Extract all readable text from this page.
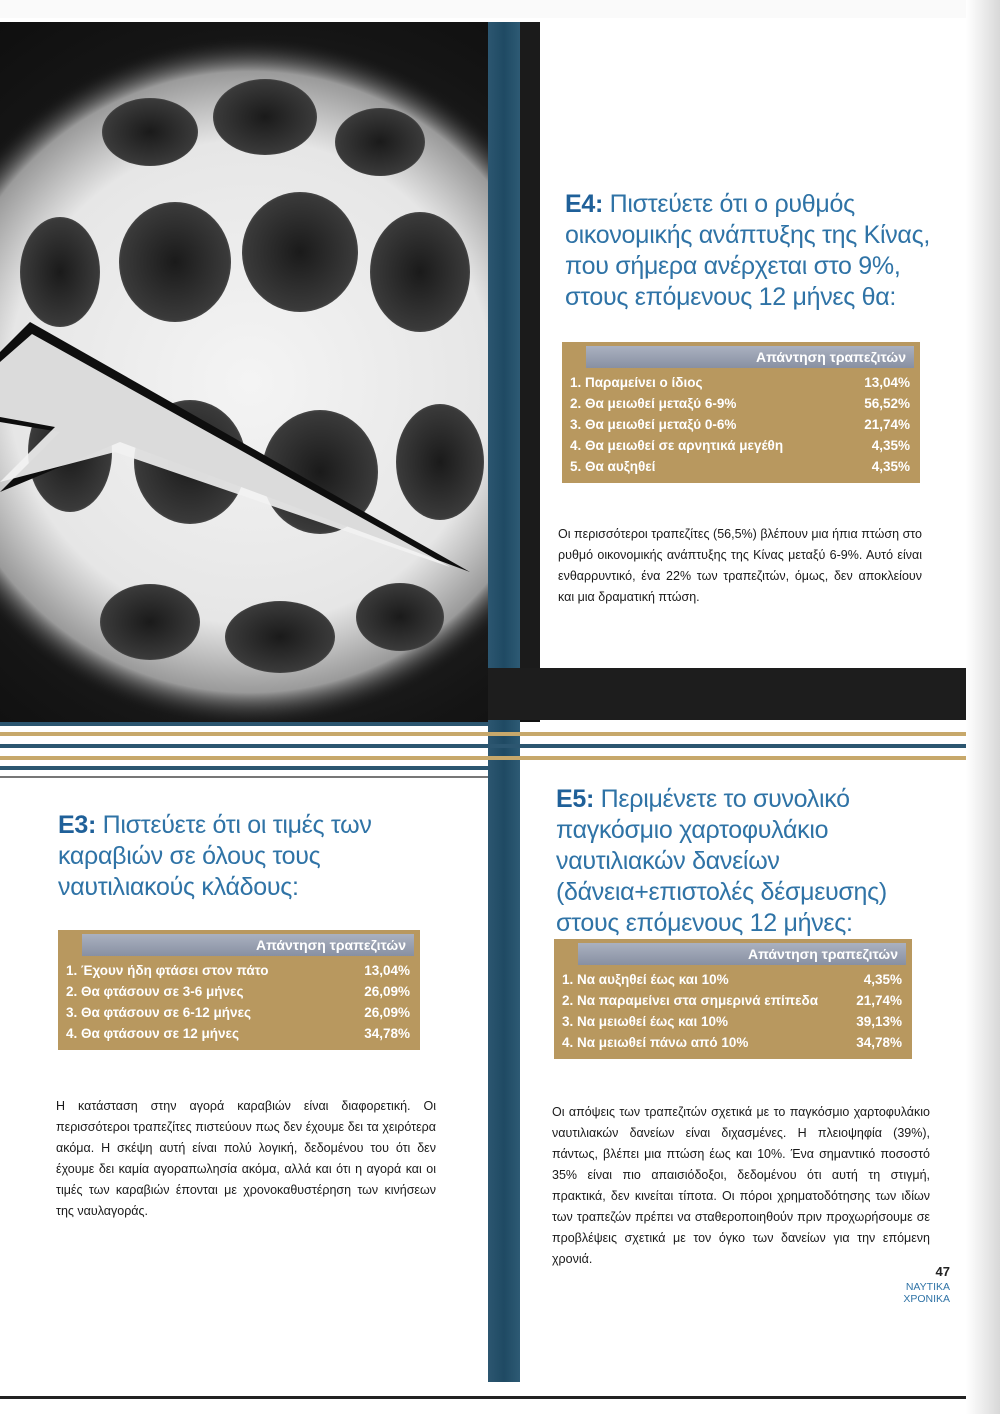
Ε4: Πιστεύετε ότι ο ρυθμός οικονομικής ανάπτυξης της Κίνας, που σήμερα ανέρχεται στο 9%, στους επόμενους 12 μήνες θα:
Απάντηση τραπεζιτών
1. Παραμείνει ο ίδιος	13,04%
2. Θα μειωθεί μεταξύ 6-9%	56,52%
3. Θα μειωθεί μεταξύ 0-6%	21,74%
4. Θα μειωθεί σε αρνητικά μεγέθη	4,35%
5. Θα αυξηθεί	4,35%

Οι περισσότεροι τραπεζίτες (56,5%) βλέπουν μια ήπια πτώση στο ρυθμό οικονομικής ανάπτυξης της Κίνας μεταξύ 6-9%. Αυτό είναι ενθαρρυντικό, ένα 22% των τραπεζιτών, όμως, δεν αποκλείουν και μια δραματική πτώση.

Ε3: Πιστεύετε ότι οι τιμές των καραβιών σε όλους τους ναυτιλιακούς κλάδους:
Απάντηση τραπεζιτών
1. Έχουν ήδη φτάσει στον πάτο	13,04%
2. Θα φτάσουν σε 3-6 μήνες	26,09%
3. Θα φτάσουν σε 6-12 μήνες	26,09%
4. Θα φτάσουν σε 12 μήνες	34,78%

Η κατάσταση στην αγορά καραβιών είναι διαφορετική. Οι περισσότεροι τραπεζίτες πιστεύουν πως δεν έχουμε δει τα χειρότερα ακόμα. Η σκέψη αυτή είναι πολύ λογική, δεδομένου του ότι δεν έχουμε δει καμία αγοραπωλησία ακόμα, αλλά και ότι η αγορά και οι τιμές των καραβιών έπονται με χρονοκαθυστέρηση των κινήσεων της ναυλαγοράς.

Ε5: Περιμένετε το συνολικό παγκόσμιο χαρτοφυλάκιο ναυτιλιακών δανείων (δάνεια+επιστολές δέσμευσης) στους επόμενους 12 μήνες:
Απάντηση τραπεζιτών
1. Να αυξηθεί έως και 10%	4,35%
2. Να παραμείνει στα σημερινά επίπεδα	21,74%
3. Να μειωθεί έως και 10%	39,13%
4. Να μειωθεί πάνω από 10%	34,78%

Οι απόψεις των τραπεζιτών σχετικά με το παγκόσμιο χαρτοφυλάκιο ναυτιλιακών δανείων είναι διχασμένες. Η πλειοψηφία (39%), πάντως, βλέπει μια πτώση έως και 10%. Ένα σημαντικό ποσοστό 35% είναι πιο απαισιόδοξοι, δεδομένου ότι αυτή τη στιγμή, πρακτικά, δεν κινείται τίποτα. Οι πόροι χρηματοδότησης των ιδίων των τραπεζών πρέπει να σταθεροποιηθούν πριν προχωρήσουμε σε προβλέψεις σχετικά με τον όγκο των δανείων για την επόμενη χρονιά.

47
ΝΑΥΤΙΚΑ
ΧΡΟΝΙΚΑ
